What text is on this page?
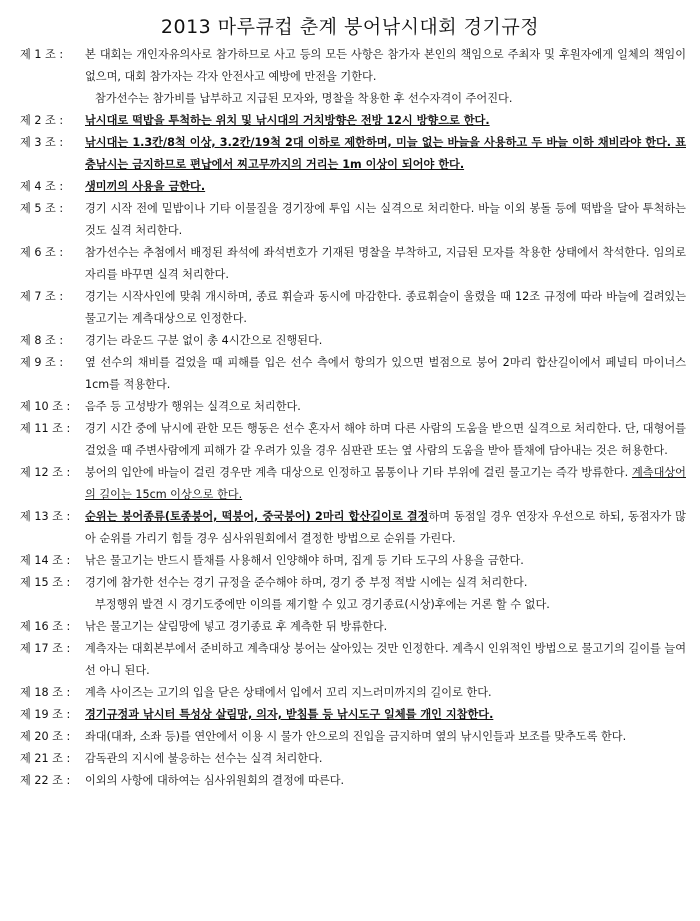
2013 마루큐컵 춘계 붕어낚시대회 경기규정
제 1 조 :	본 대회는 개인자유의사로 참가하므로 사고 등의 모든 사항은 참가자 본인의 책임으로 주최자 및 후원자에게 일체의 책임이 없으며, 대회 참가자는 각자 안전사고 예방에 만전을 기한다.

참가선수는 참가비를 납부하고 지급된 모자와, 명찰을 착용한 후 선수자격이 주어진다.

제 2 조 :	낚시대로 떡밥을 투척하는 위치 및 낚시대의 거치방향은 전방 12시 방향으로 한다.

제 3 조 :	낚시대는 1.3칸/8척 이상, 3.2칸/19척 2대 이하로 제한하며, 미늘 없는 바늘을 사용하고 두 바늘 이하 채비라야 한다. 표층낚시는 금지하므로 편납에서 찌고무까지의 거리는 1m 이상이 되어야 한다.

제 4 조 :	생미끼의 사용을 금한다.

제 5 조 :	경기 시작 전에 밑밥이나 기타 이물질을 경기장에 투입 시는 실격으로 처리한다. 바늘 이외 봉돌 등에 떡밥을 달아 투척하는 것도 실격 처리한다.

제 6 조 :	참가선수는 추첨에서 배정된 좌석에 좌석번호가 기재된 명찰을 부착하고, 지급된 모자를 착용한 상태에서 착석한다. 임의로 자리를 바꾸면 실격 처리한다.

제 7 조 :	경기는 시작사인에 맞춰 개시하며, 종료 휘슬과 동시에 마감한다. 종료휘슬이 울렸을 때 12조 규정에 따라 바늘에 걸려있는 물고기는 계측대상으로 인정한다.

제 8 조 :	경기는 라운드 구분 없이 총 4시간으로 진행된다.

제 9 조 :	옆 선수의 채비를 걸었을 때 피해를 입은 선수 측에서 항의가 있으면 벌점으로 붕어 2마리 합산길이에서 페널티 마이너스 1cm를 적용한다.

제 10 조 :	음주 등 고성방가 행위는 실격으로 처리한다.

제 11 조 :	경기 시간 중에 낚시에 관한 모든 행동은 선수 혼자서 해야 하며 다른 사람의 도움을 받으면 실격으로 처리한다. 단, 대형어를 걸었을 때 주변사람에게 피해가 갈 우려가 있을 경우 심판관 또는 옆 사람의 도움을 받아 뜰채에 담아내는 것은 허용한다.

제 12 조 :	붕어의 입안에 바늘이 걸린 경우만 계측 대상으로 인정하고 몸통이나 기타 부위에 걸린 물고기는 즉각 방류한다. 계측대상어의 길이는 15cm 이상으로 한다.

제 13 조 :	순위는 붕어종류(토종붕어, 떡붕어, 중국붕어) 2마리 합산길이로 결정하며 동점일 경우 연장자 우선으로 하되, 동점자가 많아 순위를 가리기 힘들 경우 심사위원회에서 결정한 방법으로 순위를 가린다.

제 14 조 :	낚은 물고기는 반드시 뜰채를 사용해서 인양해야 하며, 집게 등 기타 도구의 사용을 금한다.

제 15 조 :	경기에 참가한 선수는 경기 규정을 준수해야 하며, 경기 중 부정 적발 시에는 실격 처리한다.

부정행위 발견 시 경기도중에만 이의를 제기할 수 있고 경기종료(시상)후에는 거론 할 수 없다.

제 16 조 :	낚은 물고기는 살림망에 넣고 경기종료 후 계측한 뒤 방류한다.

제 17 조 :	계측자는 대회본부에서 준비하고 계측대상 붕어는 살아있는 것만 인정한다. 계측시 인위적인 방법으로 물고기의 길이를 늘여선 아니 된다.

제 18 조 :	계측 사이즈는 고기의 입을 닫은 상태에서 입에서 꼬리 지느러미까지의 길이로 한다.

제 19 조 :	경기규정과 낚시터 특성상 살림망, 의자, 받침틀 등 낚시도구 일체를 개인 지참한다.

제 20 조 :	좌대(대좌, 소좌 등)를 연안에서 이용 시 물가 안으로의 진입을 금지하며 옆의 낚시인들과 보조를 맞추도록 한다.

제 21 조 :	감독관의 지시에 불응하는 선수는 실격 처리한다.

제 22 조 :	이외의 사항에 대하여는 심사위원회의 결정에 따른다.
